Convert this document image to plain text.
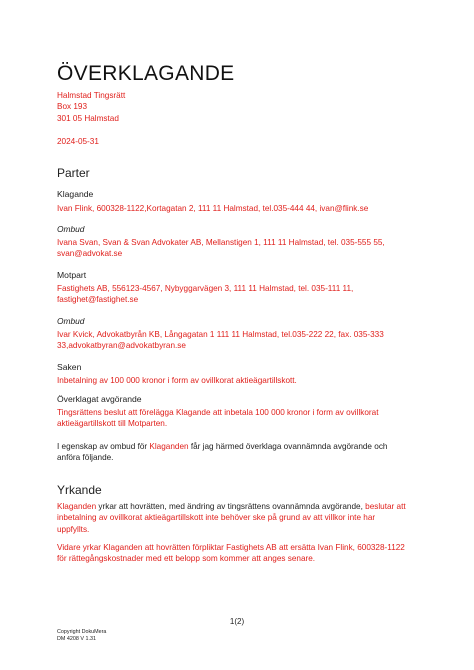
ÖVERKLAGANDE
Halmstad Tingsrätt
Box 193
301 05 Halmstad
2024-05-31
Parter
Klagande
Ivan Flink, 600328-1122,Kortagatan 2, 111 11 Halmstad, tel.035-444 44, ivan@flink.se
Ombud
Ivana Svan, Svan & Svan Advokater AB, Mellanstigen 1, 111 11 Halmstad, tel. 035-555 55,
svan@advokat.se
Motpart
Fastighets AB, 556123-4567, Nybyggarvägen 3, 111 11 Halmstad, tel. 035-111 11,
fastighet@fastighet.se
Ombud
Ivar Kvick, Advokatbyrån KB, Långagatan 1 111 11 Halmstad, tel.035-222 22, fax. 035-333
33,advokatbyran@advokatbyran.se
Saken
Inbetalning av 100 000 kronor i form av ovillkorat aktieägartillskott.
Överklagat avgörande
Tingsrättens beslut att förelägga Klagande att inbetala 100 000 kronor i form av ovillkorat
aktieägartillskott till Motparten.
I egenskap av ombud för Klaganden får jag härmed överklaga ovannämnda avgörande och
anföra följande.
Yrkande
Klaganden yrkar att hovrätten, med ändring av tingsrättens ovannämnda avgörande, beslutar att
inbetalning av ovillkorat aktieägartillskott inte behöver ske på grund av att villkor inte har
uppfyllts.
Vidare yrkar Klaganden att hovrätten förpliktar Fastighets AB att ersätta Ivan Flink, 600328-1122
för rättegångskostnader med ett belopp som kommer att anges senare.
1(2)
Copyright DokuMera
DM 4208 V 1.31
